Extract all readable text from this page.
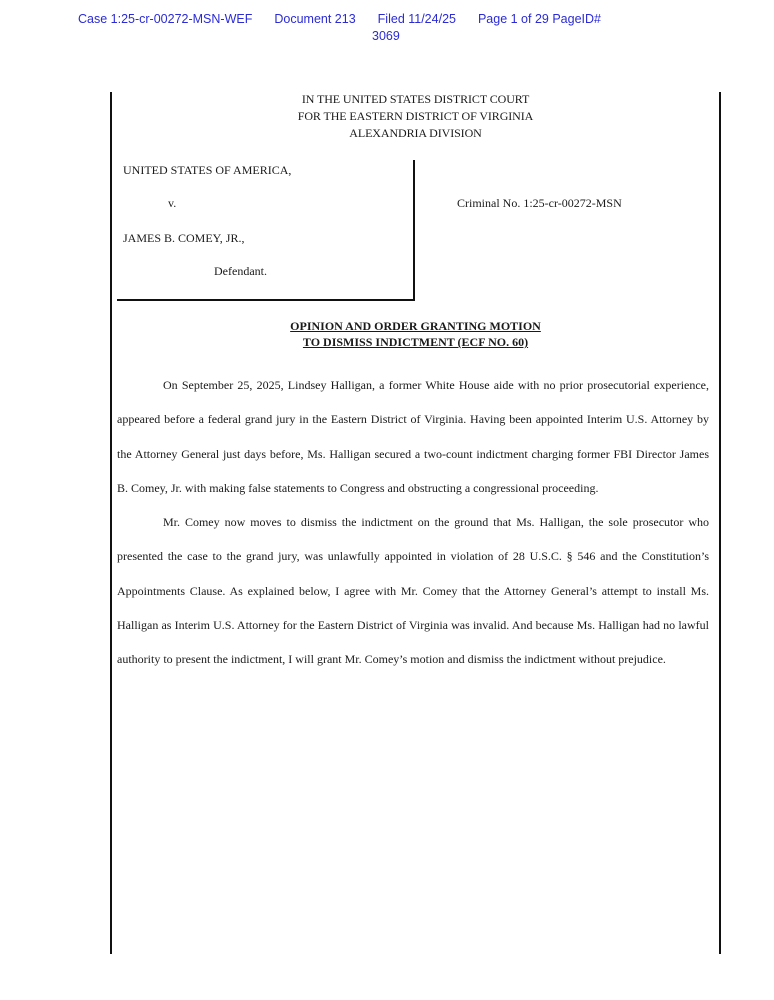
Case 1:25-cr-00272-MSN-WEF Document 213 Filed 11/24/25 Page 1 of 29 PageID#
3069
IN THE UNITED STATES DISTRICT COURT
FOR THE EASTERN DISTRICT OF VIRGINIA
ALEXANDRIA DIVISION
UNITED STATES OF AMERICA,
v.
JAMES B. COMEY, JR.,
Defendant.
Criminal No. 1:25-cr-00272-MSN
OPINION AND ORDER GRANTING MOTION
TO DISMISS INDICTMENT (ECF NO. 60)

On September 25, 2025, Lindsey Halligan, a former White House aide with no prior prosecutorial experience, appeared before a federal grand jury in the Eastern District of Virginia. Having been appointed Interim U.S. Attorney by the Attorney General just days before, Ms. Halligan secured a two-count indictment charging former FBI Director James B. Comey, Jr. with making false statements to Congress and obstructing a congressional proceeding.

Mr. Comey now moves to dismiss the indictment on the ground that Ms. Halligan, the sole prosecutor who presented the case to the grand jury, was unlawfully appointed in violation of 28 U.S.C. § 546 and the Constitution’s Appointments Clause. As explained below, I agree with Mr. Comey that the Attorney General’s attempt to install Ms. Halligan as Interim U.S. Attorney for the Eastern District of Virginia was invalid. And because Ms. Halligan had no lawful authority to present the indictment, I will grant Mr. Comey’s motion and dismiss the indictment without prejudice.
